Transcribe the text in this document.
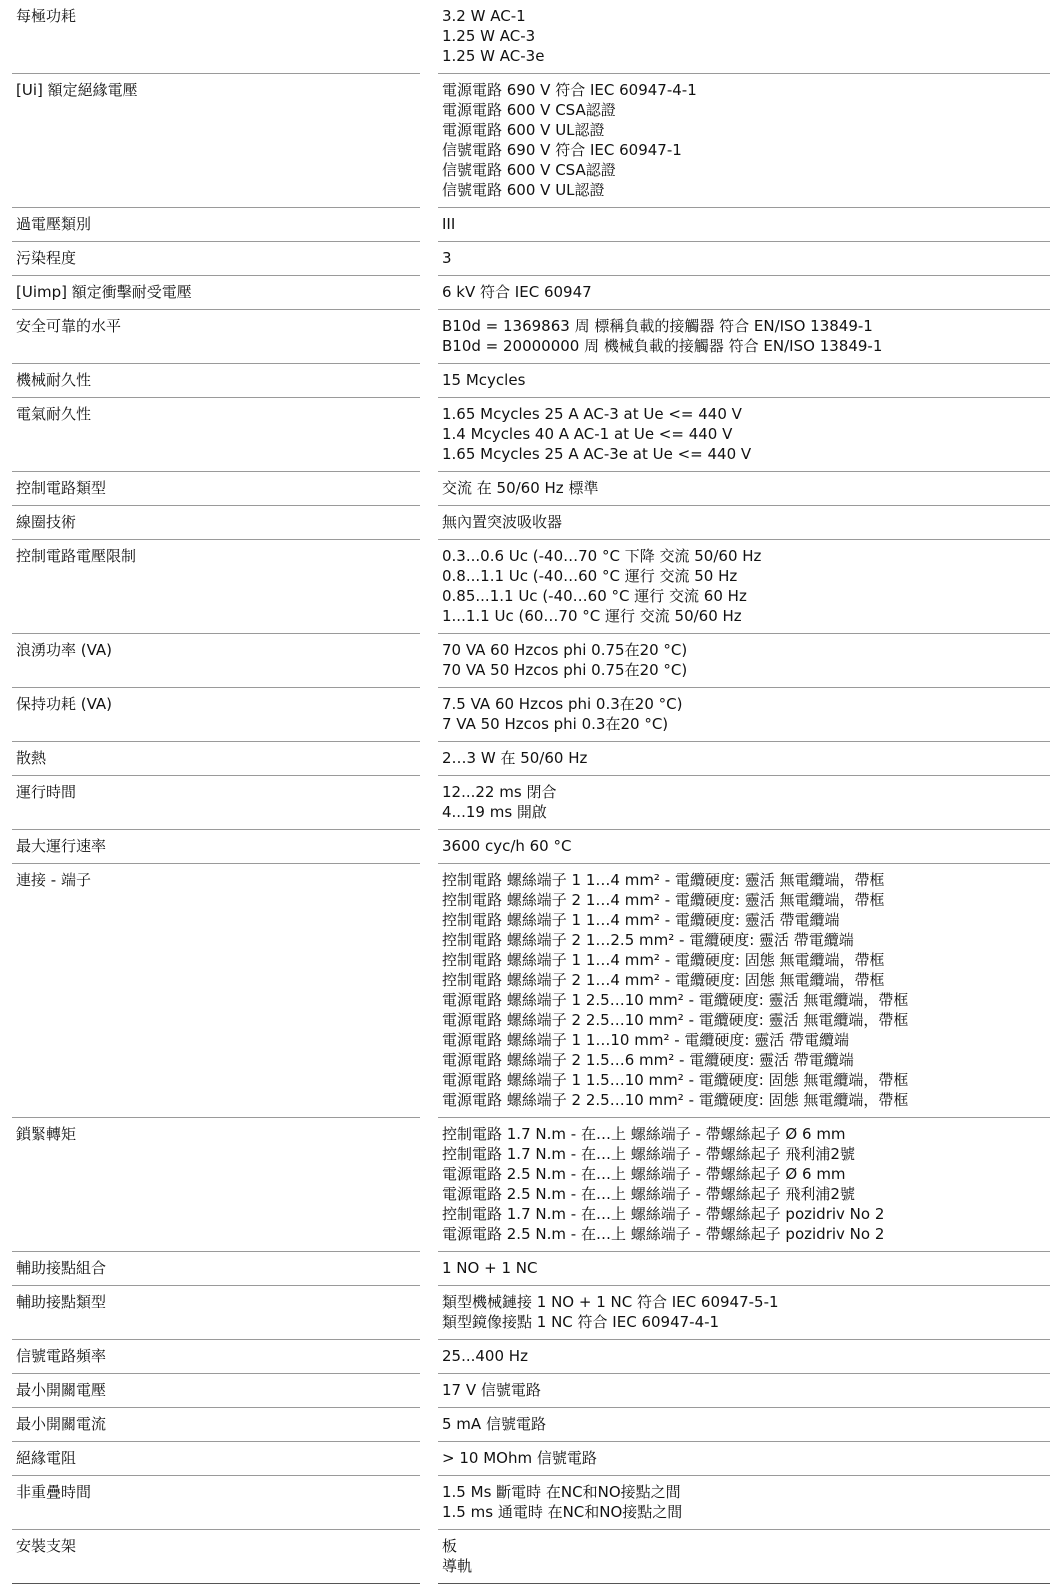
每極功耗	3.2 W AC-1
1.25 W AC-3
1.25 W AC-3e
[Ui] 額定絕緣電壓	電源電路 690 V 符合 IEC 60947-4-1
電源電路 600 V CSA認證
電源電路 600 V UL認證
信號電路 690 V 符合 IEC 60947-1
信號電路 600 V CSA認證
信號電路 600 V UL認證
過電壓類別	III
污染程度	3
[Uimp] 額定衝擊耐受電壓	6 kV 符合 IEC 60947
安全可靠的水平	B10d = 1369863 周 標稱負載的接觸器 符合 EN/ISO 13849-1
B10d = 20000000 周 機械負載的接觸器 符合 EN/ISO 13849-1
機械耐久性	15 Mcycles
電氣耐久性	1.65 Mcycles 25 A AC-3 at Ue <= 440 V
1.4 Mcycles 40 A AC-1 at Ue <= 440 V
1.65 Mcycles 25 A AC-3e at Ue <= 440 V
控制電路類型	交流 在 50/60 Hz 標準
線圈技術	無內置突波吸收器
控制電路電壓限制	0.3...0.6 Uc (-40…70 °C 下降 交流 50/60 Hz
0.8...1.1 Uc (-40…60 °C 運行 交流 50 Hz
0.85...1.1 Uc (-40…60 °C 運行 交流 60 Hz
1...1.1 Uc (60…70 °C 運行 交流 50/60 Hz
浪湧功率 (VA)	70 VA 60 Hzcos phi 0.75在20 °C)
70 VA 50 Hzcos phi 0.75在20 °C)
保持功耗 (VA)	7.5 VA 60 Hzcos phi 0.3在20 °C)
7 VA 50 Hzcos phi 0.3在20 °C)
散熱	2…3 W 在 50/60 Hz
運行時間	12...22 ms 閉合
4...19 ms 開啟
最大運行速率	3600 cyc/h 60 °C
連接 - 端子	控制電路 螺絲端子 1 1…4 mm² - 電纜硬度: 靈活 無電纜端，帶框
控制電路 螺絲端子 2 1…4 mm² - 電纜硬度: 靈活 無電纜端，帶框
控制電路 螺絲端子 1 1…4 mm² - 電纜硬度: 靈活 帶電纜端
控制電路 螺絲端子 2 1…2.5 mm² - 電纜硬度: 靈活 帶電纜端
控制電路 螺絲端子 1 1…4 mm² - 電纜硬度: 固態 無電纜端，帶框
控制電路 螺絲端子 2 1…4 mm² - 電纜硬度: 固態 無電纜端，帶框
電源電路 螺絲端子 1 2.5…10 mm² - 電纜硬度: 靈活 無電纜端，帶框
電源電路 螺絲端子 2 2.5…10 mm² - 電纜硬度: 靈活 無電纜端，帶框
電源電路 螺絲端子 1 1…10 mm² - 電纜硬度: 靈活 帶電纜端
電源電路 螺絲端子 2 1.5…6 mm² - 電纜硬度: 靈活 帶電纜端
電源電路 螺絲端子 1 1.5…10 mm² - 電纜硬度: 固態 無電纜端，帶框
電源電路 螺絲端子 2 2.5…10 mm² - 電纜硬度: 固態 無電纜端，帶框
鎖緊轉矩	控制電路 1.7 N.m - 在…上 螺絲端子 - 帶螺絲起子 Ø 6 mm
控制電路 1.7 N.m - 在…上 螺絲端子 - 帶螺絲起子 飛利浦2號
電源電路 2.5 N.m - 在…上 螺絲端子 - 帶螺絲起子 Ø 6 mm
電源電路 2.5 N.m - 在…上 螺絲端子 - 帶螺絲起子 飛利浦2號
控制電路 1.7 N.m - 在…上 螺絲端子 - 帶螺絲起子 pozidriv No 2
電源電路 2.5 N.m - 在…上 螺絲端子 - 帶螺絲起子 pozidriv No 2
輔助接點組合	1 NO + 1 NC
輔助接點類型	類型機械鏈接 1 NO + 1 NC 符合 IEC 60947-5-1
類型鏡像接點 1 NC 符合 IEC 60947-4-1
信號電路頻率	25...400 Hz
最小開關電壓	17 V 信號電路
最小開關電流	5 mA 信號電路
絕緣電阻	> 10 MOhm 信號電路
非重疊時間	1.5 Ms 斷電時 在NC和NO接點之間
1.5 ms 通電時 在NC和NO接點之間
安裝支架	板
導軌
